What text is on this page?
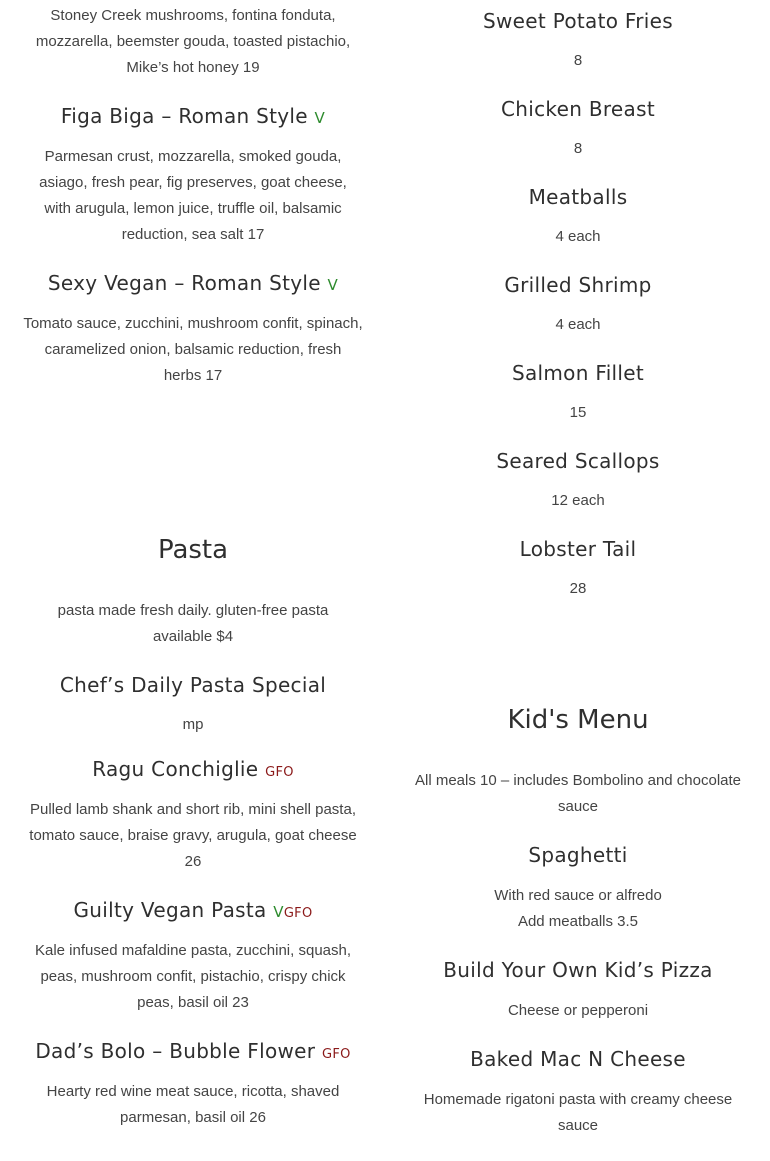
Stoney Creek mushrooms, fontina fonduta,
mozzarella, beemster gouda, toasted pistachio,
Mike’s hot honey 19

Figa Biga – Roman Style V

Parmesan crust, mozzarella, smoked gouda,
asiago, fresh pear, fig preserves, goat cheese,
with arugula, lemon juice, truffle oil, balsamic
reduction, sea salt 17

Sexy Vegan – Roman Style V

Tomato sauce, zucchini, mushroom confit, spinach,
caramelized onion, balsamic reduction, fresh
herbs 17

Pasta

pasta made fresh daily. gluten-free pasta
available $4

Chef’s Daily Pasta Special

mp

Ragu Conchiglie GFO

Pulled lamb shank and short rib, mini shell pasta,
tomato sauce, braise gravy, arugula, goat cheese
26

Guilty Vegan Pasta VGFO

Kale infused mafaldine pasta, zucchini, squash,
peas, mushroom confit, pistachio, crispy chick
peas, basil oil 23

Dad’s Bolo – Bubble Flower GFO

Hearty red wine meat sauce, ricotta, shaved
parmesan, basil oil 26

Sweet Potato Fries

8

Chicken Breast

8

Meatballs

4 each

Grilled Shrimp

4 each

Salmon Fillet

15

Seared Scallops

12 each

Lobster Tail

28

Kid's Menu

All meals 10 – includes Bombolino and chocolate
sauce

Spaghetti

With red sauce or alfredo
Add meatballs 3.5

Build Your Own Kid’s Pizza

Cheese or pepperoni

Baked Mac N Cheese

Homemade rigatoni pasta with creamy cheese
sauce
